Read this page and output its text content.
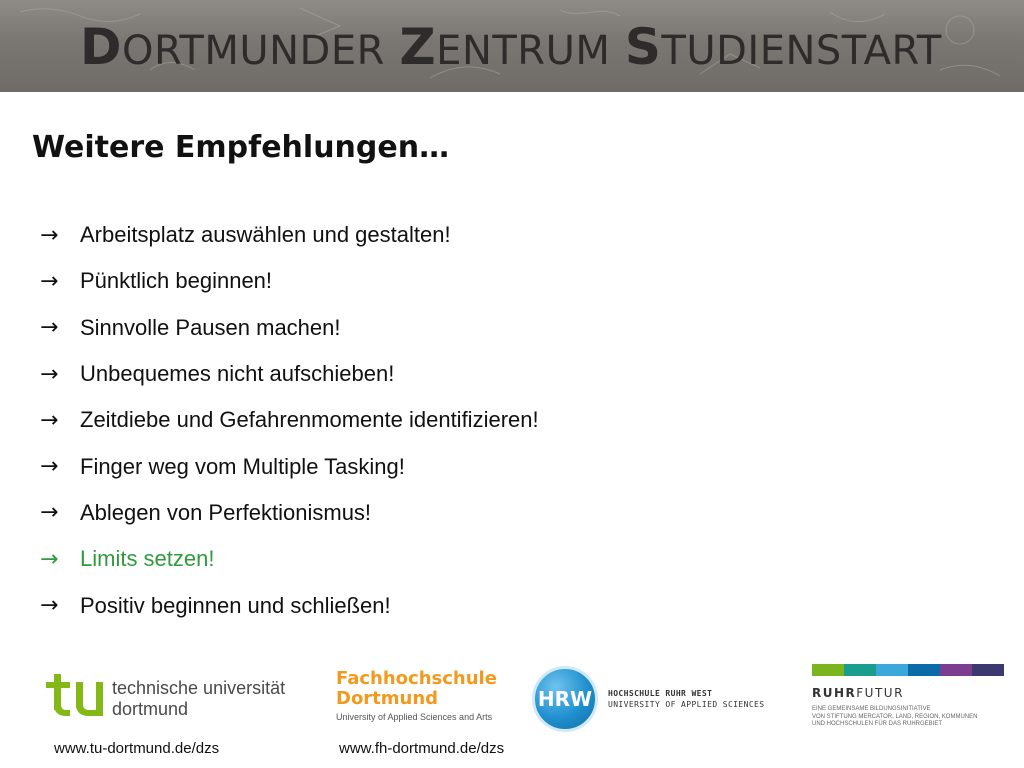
DORTMUNDER ZENTRUM STUDIENSTART
Weitere Empfehlungen…
→ Arbeitsplatz auswählen und gestalten!
→ Pünktlich beginnen!
→ Sinnvolle Pausen machen!
→ Unbequemes nicht aufschieben!
→ Zeitdiebe und Gefahrenmomente identifizieren!
→ Finger weg vom Multiple Tasking!
→ Ablegen von Perfektionismus!
→ Limits setzen!
→ Positiv beginnen und schließen!
technische universität
dortmund
Fachhochschule
Dortmund
University of Applied Sciences and Arts
HRW HOCHSCHULE RUHR WEST
UNIVERSITY OF APPLIED SCIENCES
RUHRFUTUR
EINE GEMEINSAME BILDUNGSINITIATIVE
VON STIFTUNG MERCATOR, LAND, REGION, KOMMUNEN
UND HOCHSCHULEN FÜR DAS RUHRGEBIET
www.tu-dortmund.de/dzs	www.fh-dortmund.de/dzs
